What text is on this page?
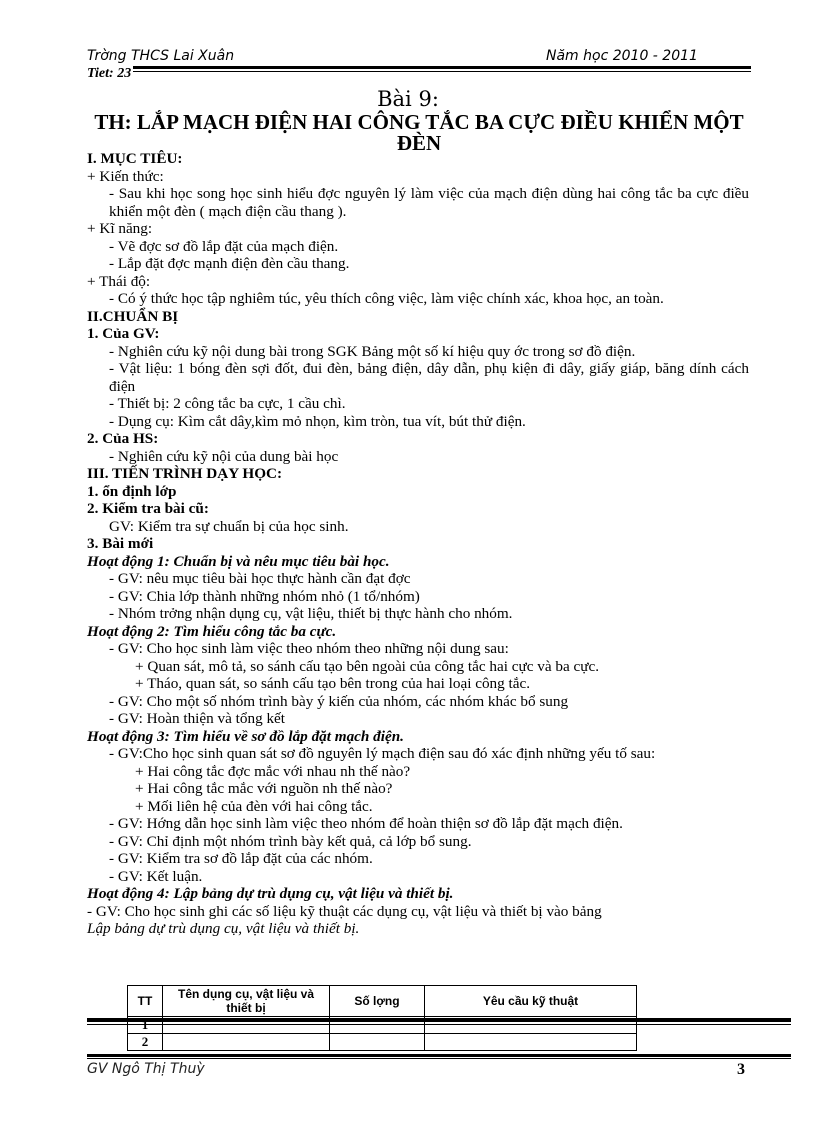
Trờng THCS Lai Xuân	Năm học 2010 - 2011
Tiet: 23
Bài 9:
TH: LẮP MẠCH ĐIỆN HAI CÔNG TẮC BA CỰC ĐIỀU KHIỂN MỘT ĐÈN

I. MỤC TIÊU:

+ Kiến thức:

- Sau khi học song học sinh hiểu đợc nguyên lý làm việc của mạch điện dùng hai công tắc ba cực điều khiển một đèn ( mạch điện cầu thang ).

+ Kĩ năng:

- Vẽ đợc sơ đồ lắp đặt của mạch điện.

- Lắp đặt đợc mạnh điện đèn cầu thang.

+ Thái độ:

- Có ý thức học tập nghiêm túc, yêu thích công việc, làm việc chính xác, khoa học, an toàn.

II.CHUẨN BỊ

1. Của GV:

- Nghiên cứu kỹ nội dung bài trong SGK Bảng một số kí hiệu quy ớc trong sơ đồ điện.

- Vật liệu: 1 bóng đèn sợi đốt, đui đèn, bảng điện, dây dẫn, phụ kiện đi dây, giấy giáp, băng dính cách điện

- Thiết bị: 2 công tắc ba cực, 1 cầu chì.

- Dụng cụ: Kìm cắt dây,kìm mỏ nhọn, kìm tròn, tua vít, bút thử điện.

2. Của HS:

- Nghiên cứu kỹ nội của dung bài học

III. TIẾN TRÌNH DẠY HỌC:

1. ổn định lớp

2. Kiểm tra bài cũ:

GV: Kiểm tra sự chuẩn bị của học sinh.

3. Bài mới

Hoạt động 1: Chuẩn bị và nêu mục tiêu bài học.

- GV: nêu mục tiêu bài học thực hành cần đạt đợc

- GV: Chia lớp thành những nhóm nhỏ (1 tổ/nhóm)

- Nhóm trởng nhận dụng cụ, vật liệu, thiết bị thực hành cho nhóm.

Hoạt động 2: Tìm hiểu công tắc ba cực.

- GV: Cho học sinh làm việc theo nhóm theo những nội dung sau:

+ Quan sát, mô tả, so sánh cấu tạo bên ngoài của công tắc hai cực và ba cực.

+ Tháo, quan sát, so sánh cấu tạo bên trong của hai loại công tắc.

- GV: Cho một số nhóm trình bày ý kiến của nhóm, các nhóm khác bổ sung

- GV: Hoàn thiện và tổng kết

Hoạt động 3: Tìm hiểu về sơ đồ lắp đặt mạch điện.

- GV:Cho học sinh quan sát sơ đồ nguyên lý mạch điện sau đó xác định những yếu tố sau:

+ Hai công tắc đợc mắc với nhau nh thế nào?

+ Hai công tắc mắc với nguồn nh thế nào?

+ Mối liên hệ của đèn với hai công tắc.

- GV: Hớng dẫn học sinh làm việc theo nhóm để hoàn thiện sơ đồ lắp đặt mạch điện.

- GV: Chỉ định một nhóm trình bày kết quả, cả lớp bổ sung.

- GV: Kiểm tra sơ đồ lắp đặt của các nhóm.

- GV: Kết luận.

Hoạt động 4: Lập bảng dự trù dụng cụ, vật liệu và thiết bị.

- GV: Cho học sinh ghi các số liệu kỹ thuật các dụng cụ, vật liệu và thiết bị vào bảng

Lập bảng dự trù dụng cụ, vật liệu và thiết bị.

TT	Tên dụng cụ, vật liệu và thiết bị	Số lợng	Yêu cầu kỹ thuật
1			
2			
GV Ngô Thị Thuỳ	3
